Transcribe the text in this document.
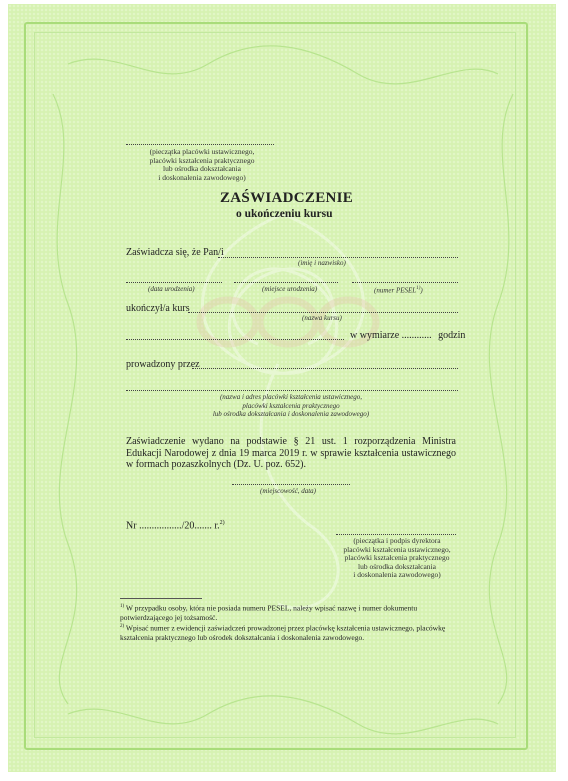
(pieczątka placówki ustawicznego,
placówki kształcenia praktycznego
lub ośrodka dokształcania
i doskonalenia zawodowego)
ZAŚWIADCZENIE
o ukończeniu kursu
Zaświadcza się, że Pan/i
(imię i nazwisko)
(data urodzenia)	(miejsce urodzenia)	(numer PESEL$^{1)}$)
ukończył/a kurs
(nazwa kursu)
w wymiarze ............ godzin
prowadzony przez
(nazwa i adres placówki kształcenia ustawicznego,
placówki kształcenia praktycznego
lub ośrodka dokształcania i doskonalenia zawodowego)
Zaświadczenie wydano na podstawie § 21 ust. 1 rozporządzenia Ministra Edukacji Narodowej z dnia 19 marca 2019 r. w sprawie kształcenia ustawicznego w formach pozaszkolnych (Dz. U. poz. 652).
(miejscowość, data)
Nr ................./20....... r.$^{2)}$
(pieczątka i podpis dyrektora
placówki kształcenia ustawicznego,
placówki kształcenia praktycznego
lub ośrodka dokształcania
i doskonalenia zawodowego)
$^{1)}$ W przypadku osoby, która nie posiada numeru PESEL, należy wpisać nazwę i numer dokumentu potwierdzającego jej tożsamość.
$^{2)}$ Wpisać numer z ewidencji zaświadczeń prowadzonej przez placówkę kształcenia ustawicznego, placówkę kształcenia praktycznego lub ośrodek dokształcania i doskonalenia zawodowego.
